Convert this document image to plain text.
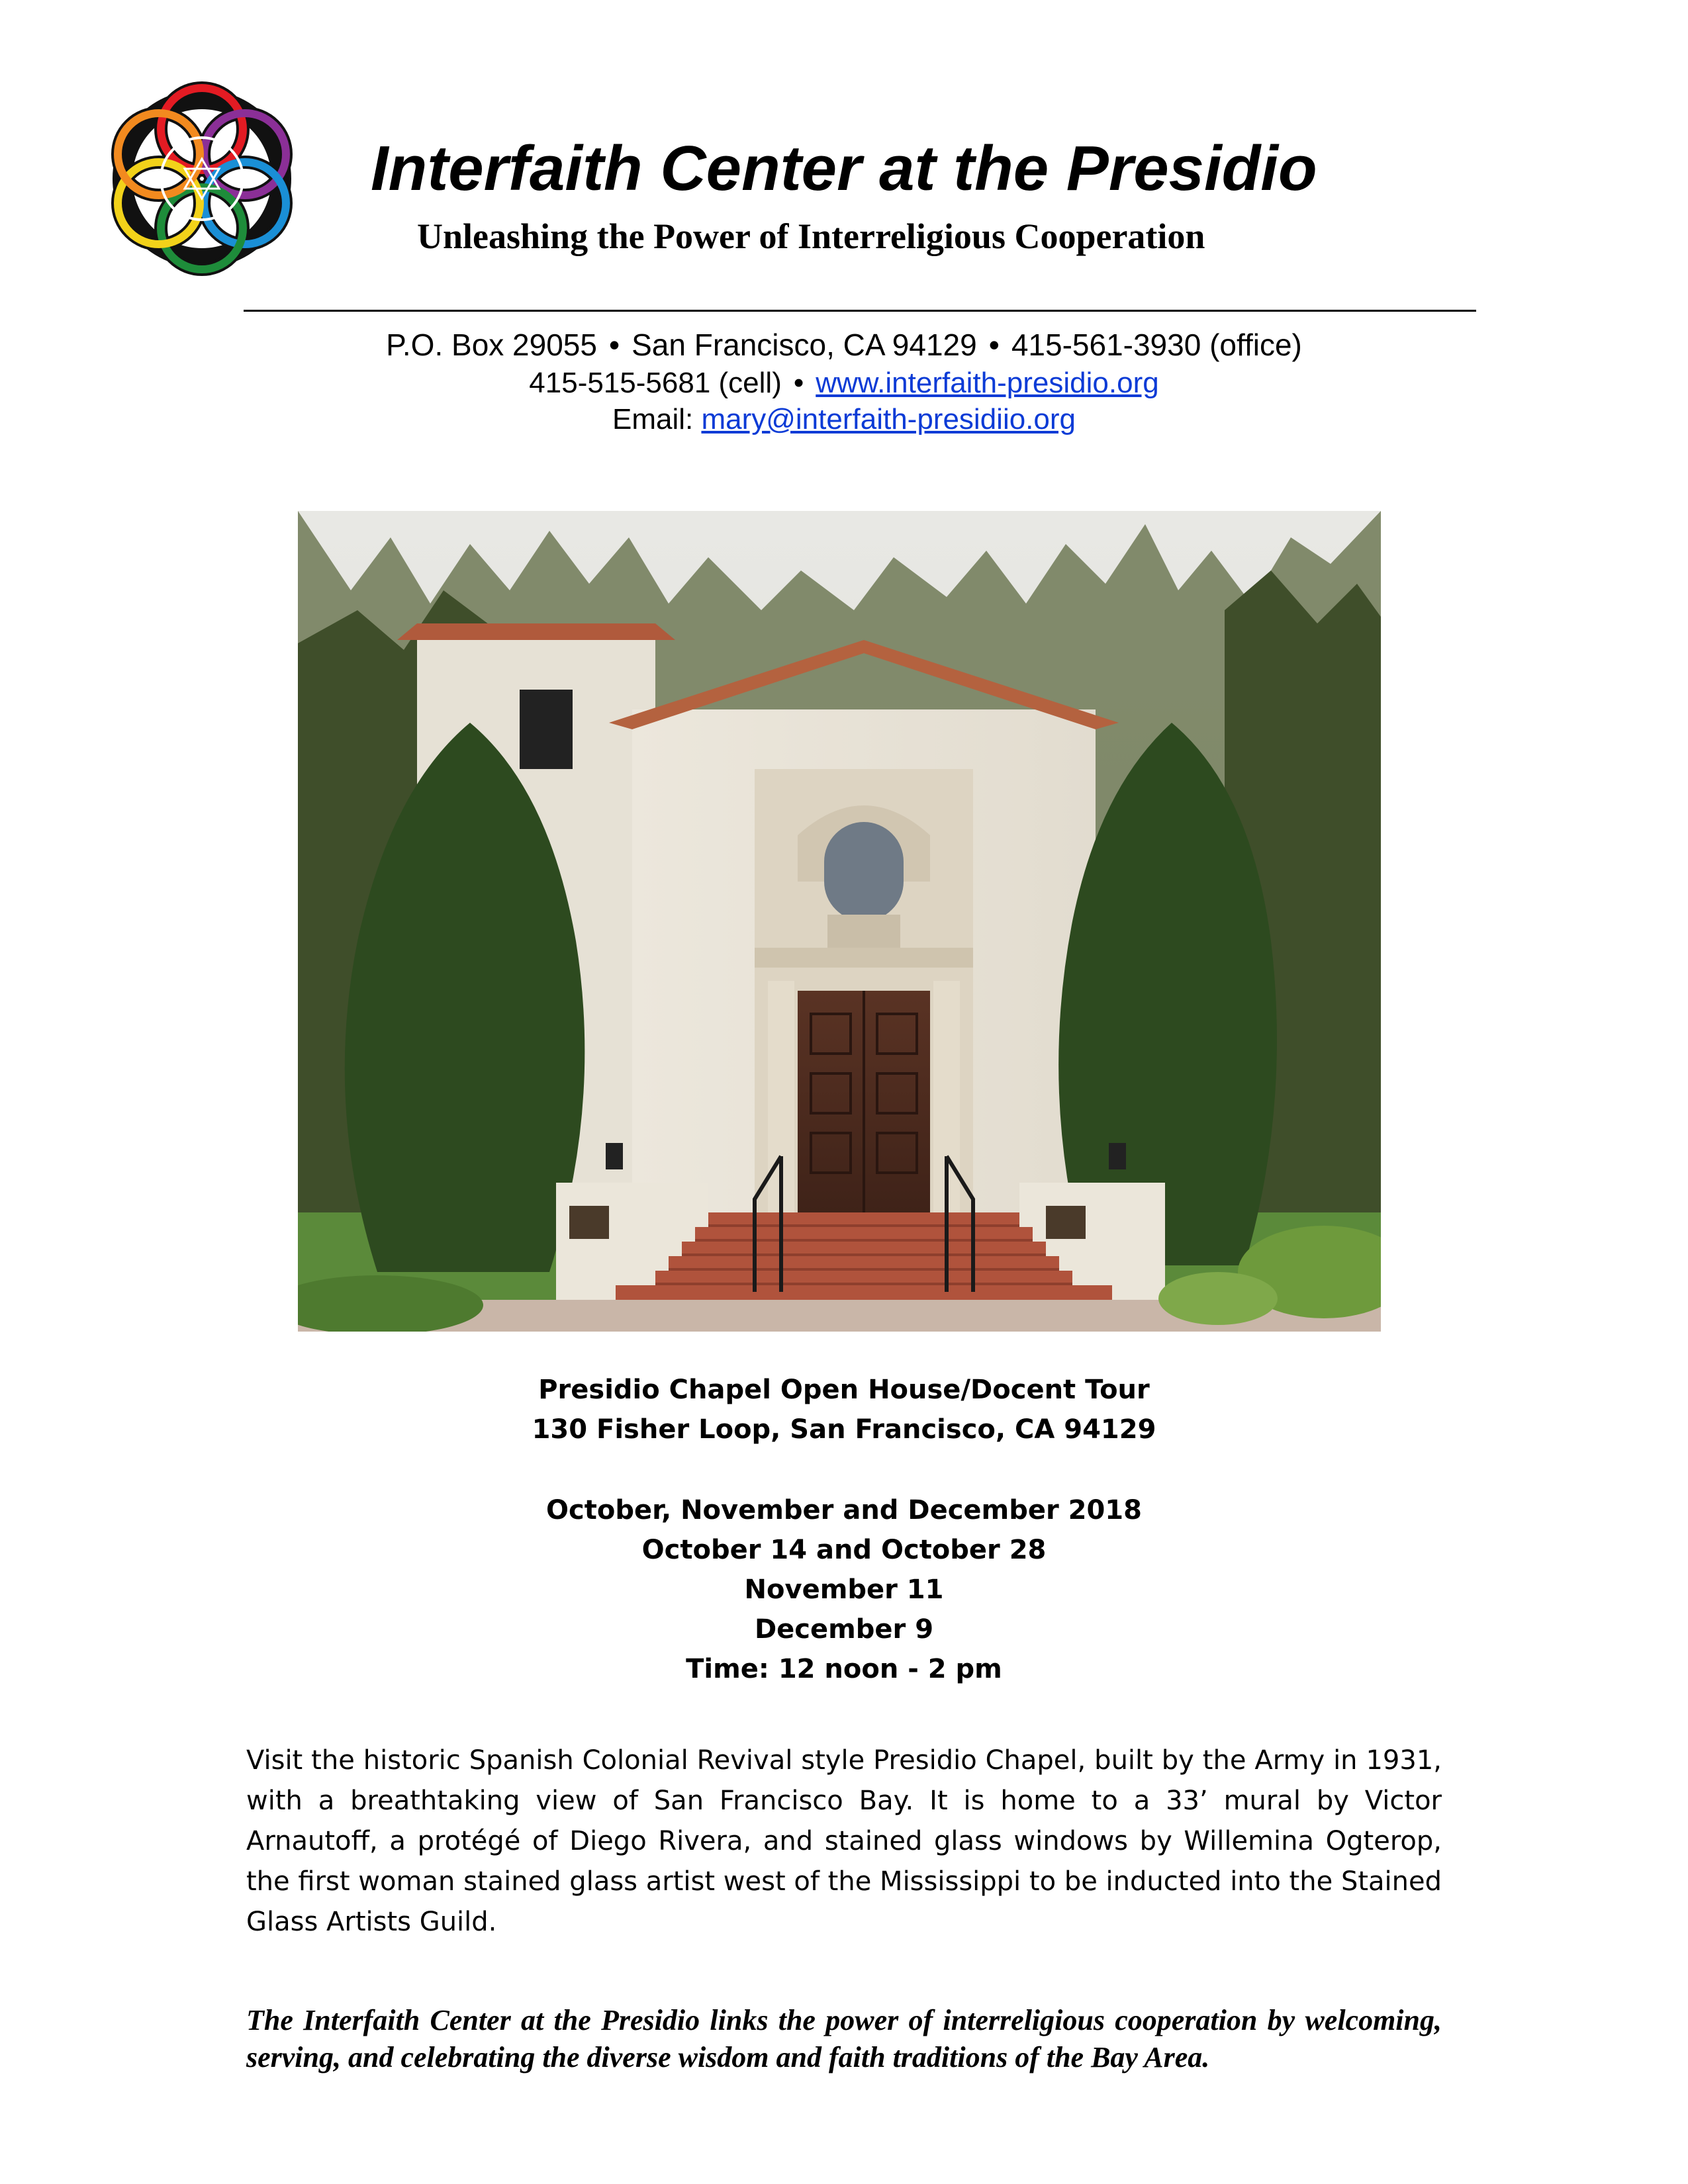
Interfaith Center at the Presidio
Unleashing the Power of Interreligious Cooperation
P.O. Box 29055 • San Francisco, CA 94129 • 415-561-3930 (office)
415-515-5681 (cell) • www.interfaith-presidio.org
Email: mary@interfaith-presidiio.org
Presidio Chapel Open House/Docent Tour
130 Fisher Loop, San Francisco, CA 94129
October, November and December 2018
October 14 and October 28
November 11
December 9
Time: 12 noon - 2 pm
Visit the historic Spanish Colonial Revival style Presidio Chapel, built by the Army in 1931, with a breathtaking view of San Francisco Bay. It is home to a 33’ mural by Victor Arnautoff, a protégé of Diego Rivera, and stained glass windows by Willemina Ogterop, the first woman stained glass artist west of the Mississippi to be inducted into the Stained Glass Artists Guild.
The Interfaith Center at the Presidio links the power of interreligious cooperation by welcoming, serving, and celebrating the diverse wisdom and faith traditions of the Bay Area.
